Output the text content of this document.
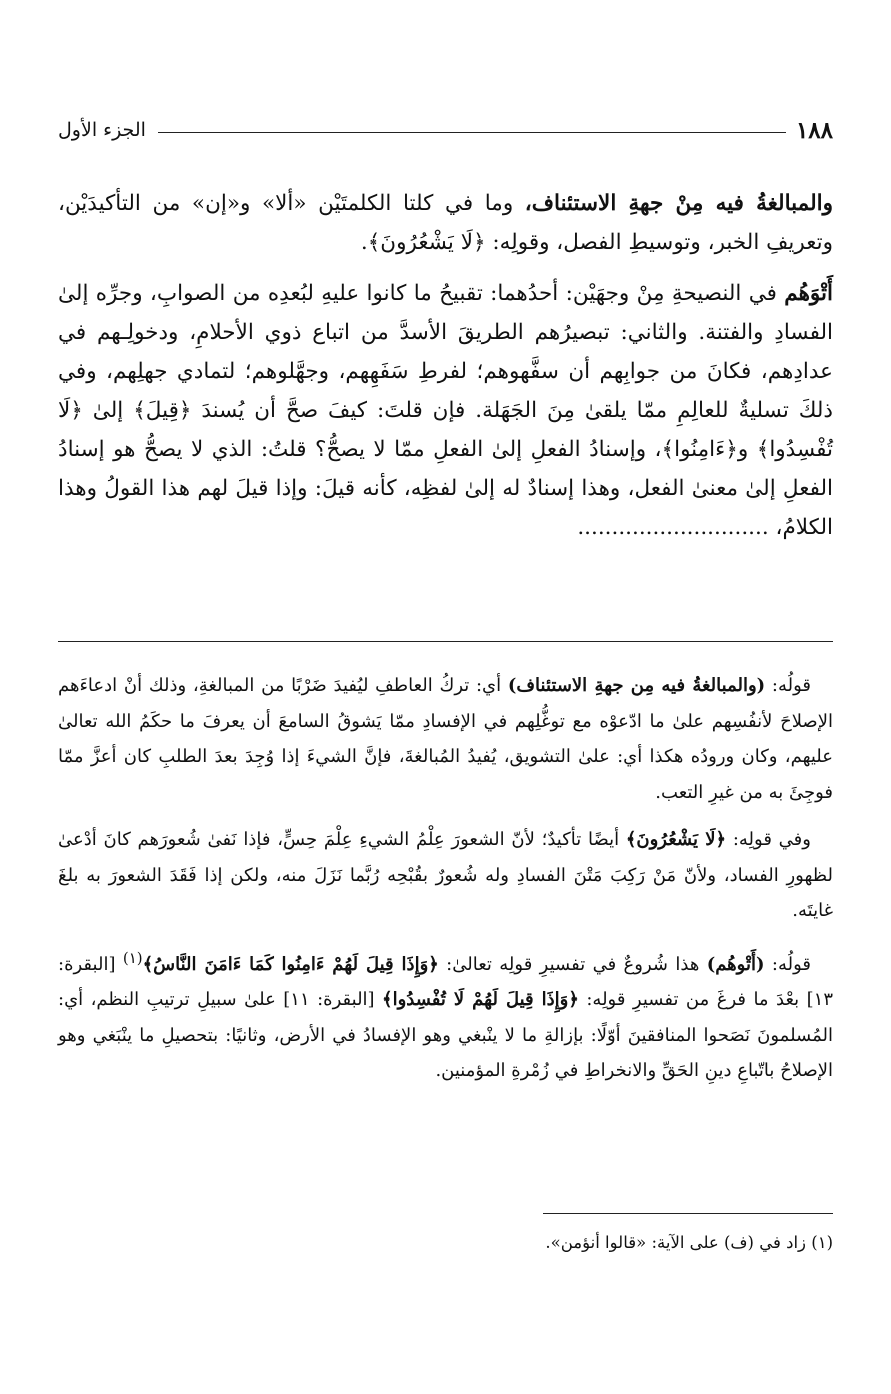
١٨٨
الجزء الأول

والمبالغةُ فيه مِنْ جهةِ الاستئناف، وما في كلتا الكلمتَيْن «ألا» و«إن» من التأكيدَيْن، وتعريفِ الخبر، وتوسيطِ الفصل، وقولِه: ﴿لَا يَشْعُرُونَ﴾.

أَتْوَهُم في النصيحةِ مِنْ وجهَيْن: أحدُهما: تقبيحُ ما كانوا عليهِ لبُعدِه من الصوابِ، وجرِّه إلىٰ الفسادِ والفتنة. والثاني: تبصيرُهم الطريقَ الأسدَّ من اتباع ذوي الأحلامِ، ودخولِـهم في عدادِهم، فكانَ من جوابِهم أن سفَّهوهم؛ لفرطِ سَفَهِهم، وجهَّلوهم؛ لتمادي جهلِهم، وفي ذلكَ تسليةٌ للعالِمِ ممّا يلقىٰ مِنَ الجَهَلة. فإن قلتَ: كيفَ صحَّ أن يُسندَ ﴿قِيلَ﴾ إلىٰ ﴿لَا تُفْسِدُوا﴾ و﴿ءَامِنُوا﴾، وإسنادُ الفعلِ إلىٰ الفعلِ ممّا لا يصحُّ؟ قلتُ: الذي لا يصحُّ هو إسنادُ الفعلِ إلىٰ معنىٰ الفعل، وهذا إسنادٌ له إلىٰ لفظِه، كأنه قيلَ: وإذا قيلَ لهم هذا القولُ وهذا الكلامُ، ............................

قولُه: (والمبالغةُ فيه مِن جهةِ الاستئناف) أي: تركُ العاطفِ ليُفيدَ ضَرْبًا من المبالغةِ، وذلك أنْ ادعاءَهم الإصلاحَ لأنفُسِهم علىٰ ما ادّعوْه مع توغُّلِهم في الإفسادِ ممّا يَشوقُ السامعَ أن يعرفَ ما حكَمُ الله تعالىٰ عليهم، وكان ورودُه هكذا أي: علىٰ التشويق، يُفيدُ المُبالغةَ، فإنَّ الشيءَ إذا وُجِدَ بعدَ الطلبِ كان أعزَّ ممّا فوجِئَ به من غيرِ التعب.

وفي قولِه: ﴿لَا يَشْعُرُونَ﴾ أيضًا تأكيدٌ؛ لأنّ الشعورَ عِلْمُ الشيءِ عِلْمَ حِسٍّ، فإذا نَفىٰ شُعورَهم كانَ أدْعىٰ لظهورِ الفساد، ولأنّ مَنْ رَكِبَ مَتْنَ الفسادِ وله شُعورٌ بقُبْحِه رُبَّما نَزَلَ منه، ولكن إذا فَقَدَ الشعورَ به بلغَ غايتَه.

قولُه: (أَتْوهُم) هذا شُروعٌ في تفسيرِ قولِه تعالىٰ: ﴿وَإِذَا قِيلَ لَهُمْ ءَامِنُوا كَمَا ءَامَنَ النَّاسُ﴾$^{(١)}$ [البقرة: ١٣] بعْدَ ما فرغَ من تفسيرِ قولِه: ﴿وَإِذَا قِيلَ لَهُمْ لَا تُفْسِدُوا﴾ [البقرة: ١١] علىٰ سبيلِ ترتيبِ النظم، أي: المُسلمونَ نَصَحوا المنافقينَ أوّلًا: بإزالةِ ما لا ينْبغي وهو الإفسادُ في الأرض، وثانيًا: بتحصيلِ ما ينْبَغي وهو الإصلاحُ باتّباعِ دينِ الحَقِّ والانخراطِ في زُمْرةِ المؤمنين.

(١) زاد في (ف) على الآية: «قالوا أنؤمن».
